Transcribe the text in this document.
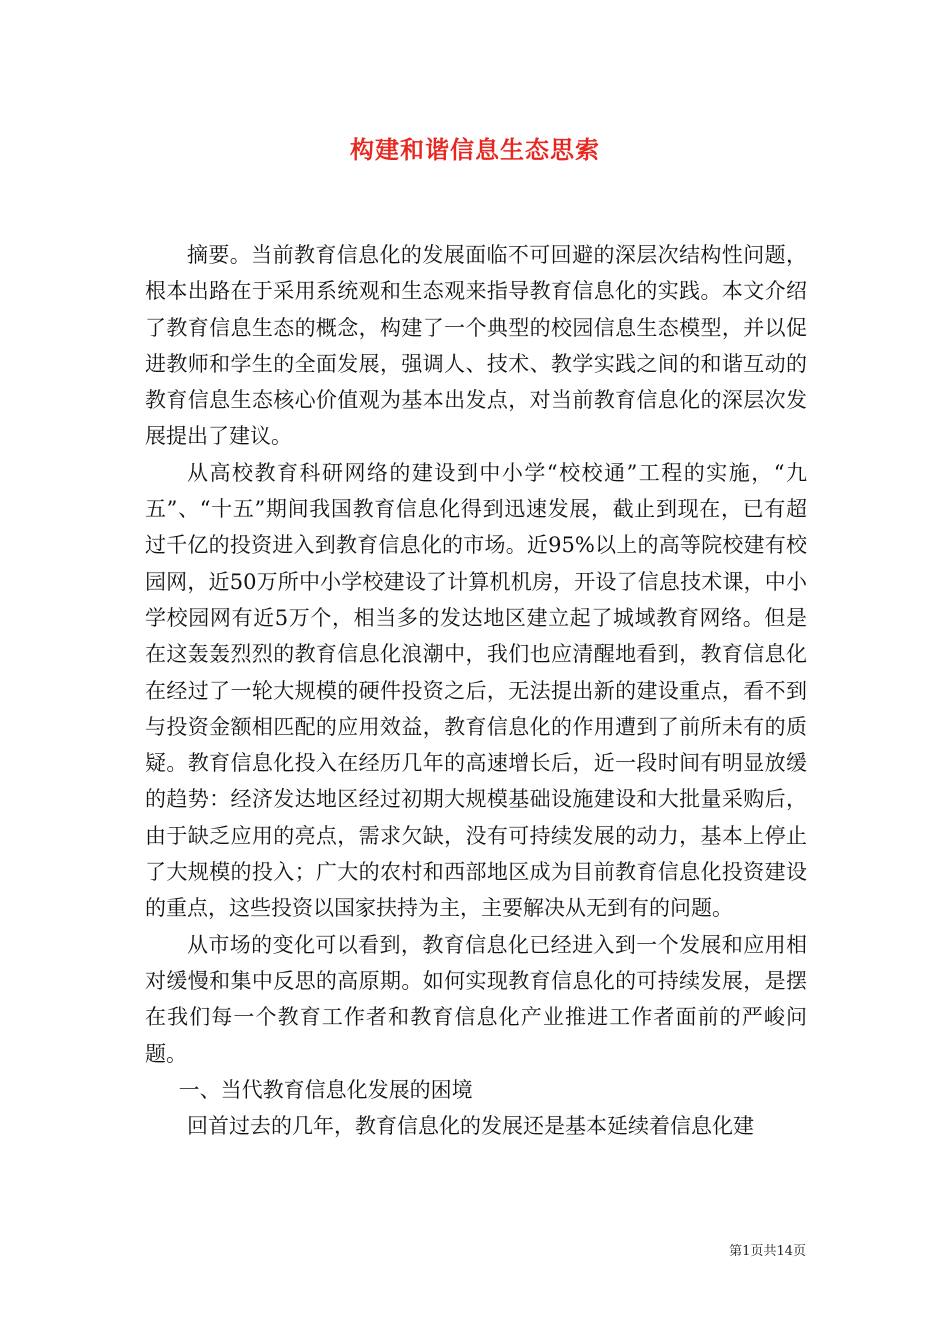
构建和谐信息生态思索

摘要。当前教育信息化的发展面临不可回避的深层次结构性问题，根本出路在于采用系统观和生态观来指导教育信息化的实践。本文介绍了教育信息生态的概念，构建了一个典型的校园信息生态模型，并以促进教师和学生的全面发展，强调人、技术、教学实践之间的和谐互动的教育信息生态核心价值观为基本出发点，对当前教育信息化的深层次发展提出了建议。

从高校教育科研网络的建设到中小学“校校通”工程的实施，“九五”、“十五”期间我国教育信息化得到迅速发展，截止到现在，已有超过千亿的投资进入到教育信息化的市场。近95%以上的高等院校建有校园网，近50万所中小学校建设了计算机机房，开设了信息技术课，中小学校园网有近5万个，相当多的发达地区建立起了城域教育网络。但是在这轰轰烈烈的教育信息化浪潮中，我们也应清醒地看到，教育信息化在经过了一轮大规模的硬件投资之后，无法提出新的建设重点，看不到与投资金额相匹配的应用效益，教育信息化的作用遭到了前所未有的质疑。教育信息化投入在经历几年的高速增长后，近一段时间有明显放缓的趋势：经济发达地区经过初期大规模基础设施建设和大批量采购后，由于缺乏应用的亮点，需求欠缺，没有可持续发展的动力，基本上停止了大规模的投入；广大的农村和西部地区成为目前教育信息化投资建设的重点，这些投资以国家扶持为主，主要解决从无到有的问题。

从市场的变化可以看到，教育信息化已经进入到一个发展和应用相对缓慢和集中反思的高原期。如何实现教育信息化的可持续发展，是摆在我们每一个教育工作者和教育信息化产业推进工作者面前的严峻问题。

一、当代教育信息化发展的困境

回首过去的几年，教育信息化的发展还是基本延续着信息化建

第1页共14页
